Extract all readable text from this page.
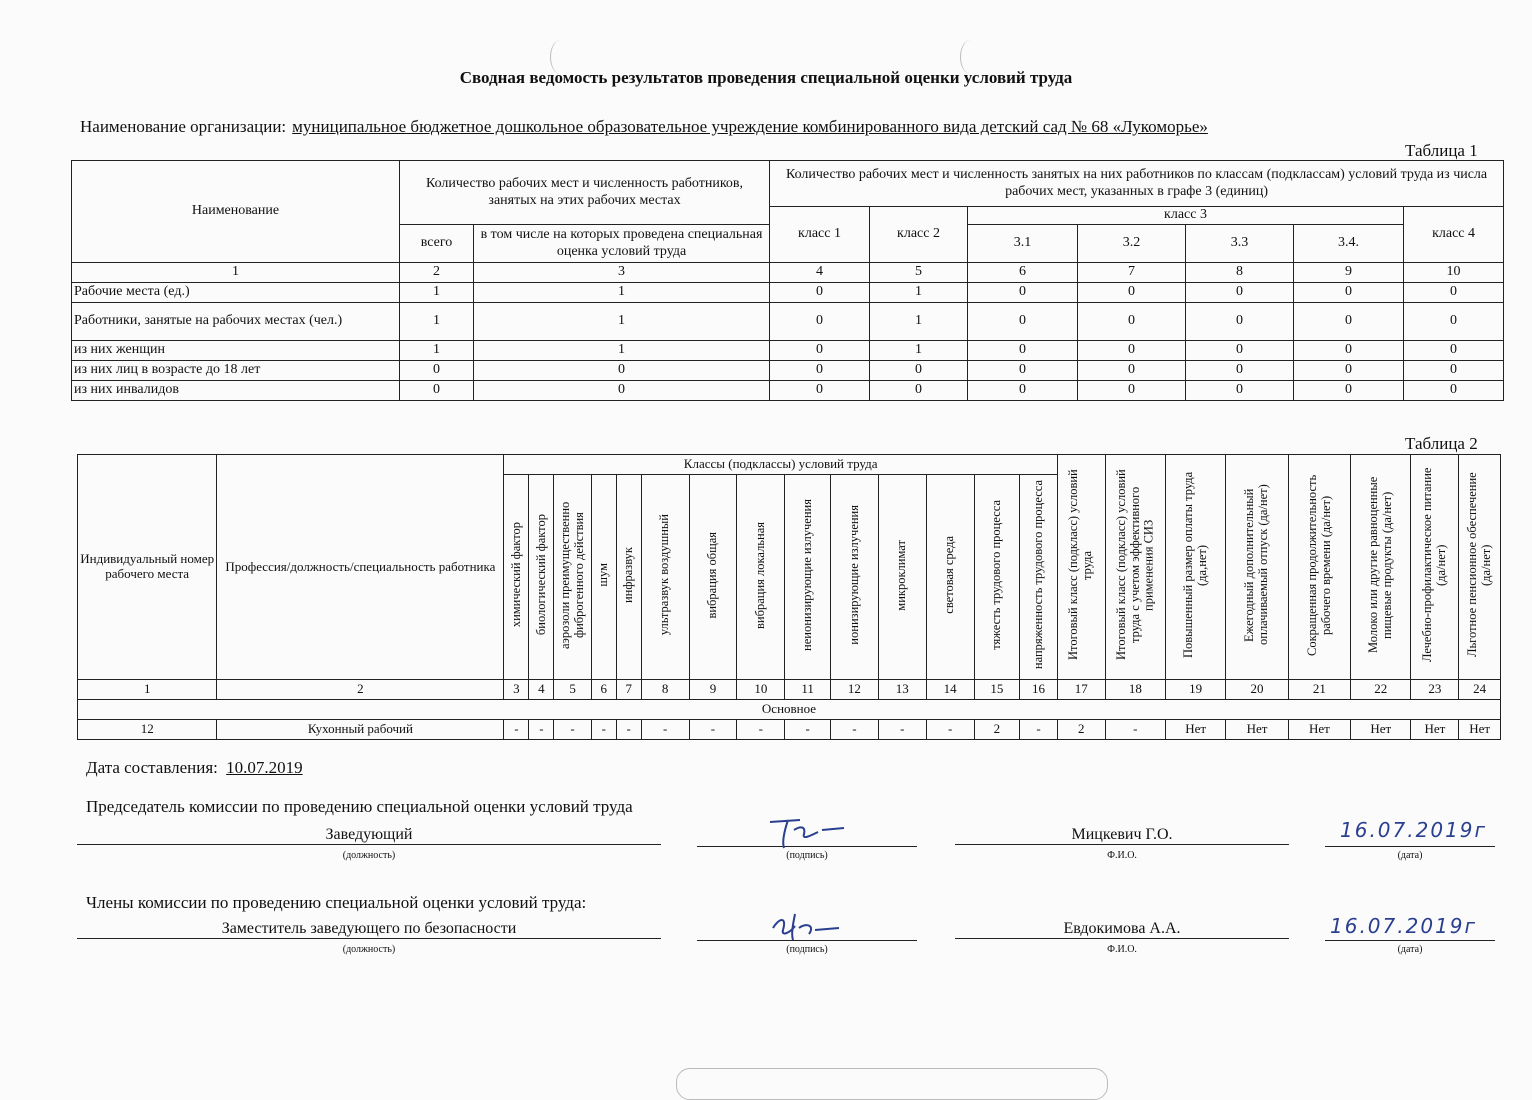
Сводная ведомость результатов проведения специальной оценки условий труда
Наименование организации: муниципальное бюджетное дошкольное образовательное учреждение комбинированного вида детский сад № 68 «Лукоморье»
Таблица 1
Наименование	Количество рабочих мест и численность работников, занятых на этих рабочих местах		Количество рабочих мест и численность занятых на них работников по классам (подклассам) условий труда из числа рабочих мест, указанных в графе 3 (единиц)						
			класс 1	класс 2	класс 3				класс 4
	всего	в том числе на которых проведена специальная оценка условий труда			3.1	3.2	3.3	3.4.	
1	2	3	4	5	6	7	8	9	10
Рабочие места (ед.)	1	1	0	1	0	0	0	0	0
Работники, занятые на рабочих местах (чел.)	1	1	0	1	0	0	0	0	0
из них женщин	1	1	0	1	0	0	0	0	0
из них лиц в возрасте до 18 лет	0	0	0	0	0	0	0	0	0
из них инвалидов	0	0	0	0	0	0	0	0	0
Таблица 2
Индивидуальный номер рабочего места	Профессия/должность/специальность работника	Классы (подклассы) условий труда														Итоговый класс (подкласс) условий труда	Итоговый класс (подкласс) условий труда с учетом эффективного применения СИЗ	Повышенный размер оплаты труда (да,нет)	Ежегодный дополнительный оплачиваемый отпуск (да/нет)	Сокращенная продолжительность рабочего времени (да/нет)	Молоко или другие равноценные пищевые продукты (да/нет)	Лечебно-профилактическое питание (да/нет)	Льготное пенсионное обеспечение (да/нет)
		химический фактор	биологический фактор	аэрозоли преимущественно фиброгенного действия	шум	инфразвук	ультразвук воздушный	вибрация общая	вибрация локальная	неионизирующие излучения	ионизирующие излучения	микроклимат	световая среда	тяжесть трудового процесса	напряженность трудового процесса								
1	2	3	4	5	6	7	8	9	10	11	12	13	14	15	16	17	18	19	20	21	22	23	24
Основное																							
12	Кухонный рабочий	-	-	-	-	-	-	-	-	-	-	-	-	2	-	2	-	Нет	Нет	Нет	Нет	Нет	Нет
Дата составления: 10.07.2019
Председатель комиссии по проведению специальной оценки условий труда
Заведующий
(должность)	(подпись)
Мицкевич Г.О.
Ф.И.О.
16.07.2019г
(дата)
Члены комиссии по проведению специальной оценки условий труда:
Заместитель заведующего по безопасности
(должность)	(подпись)
Евдокимова А.А.
Ф.И.О.
16.07.2019г
(дата)
